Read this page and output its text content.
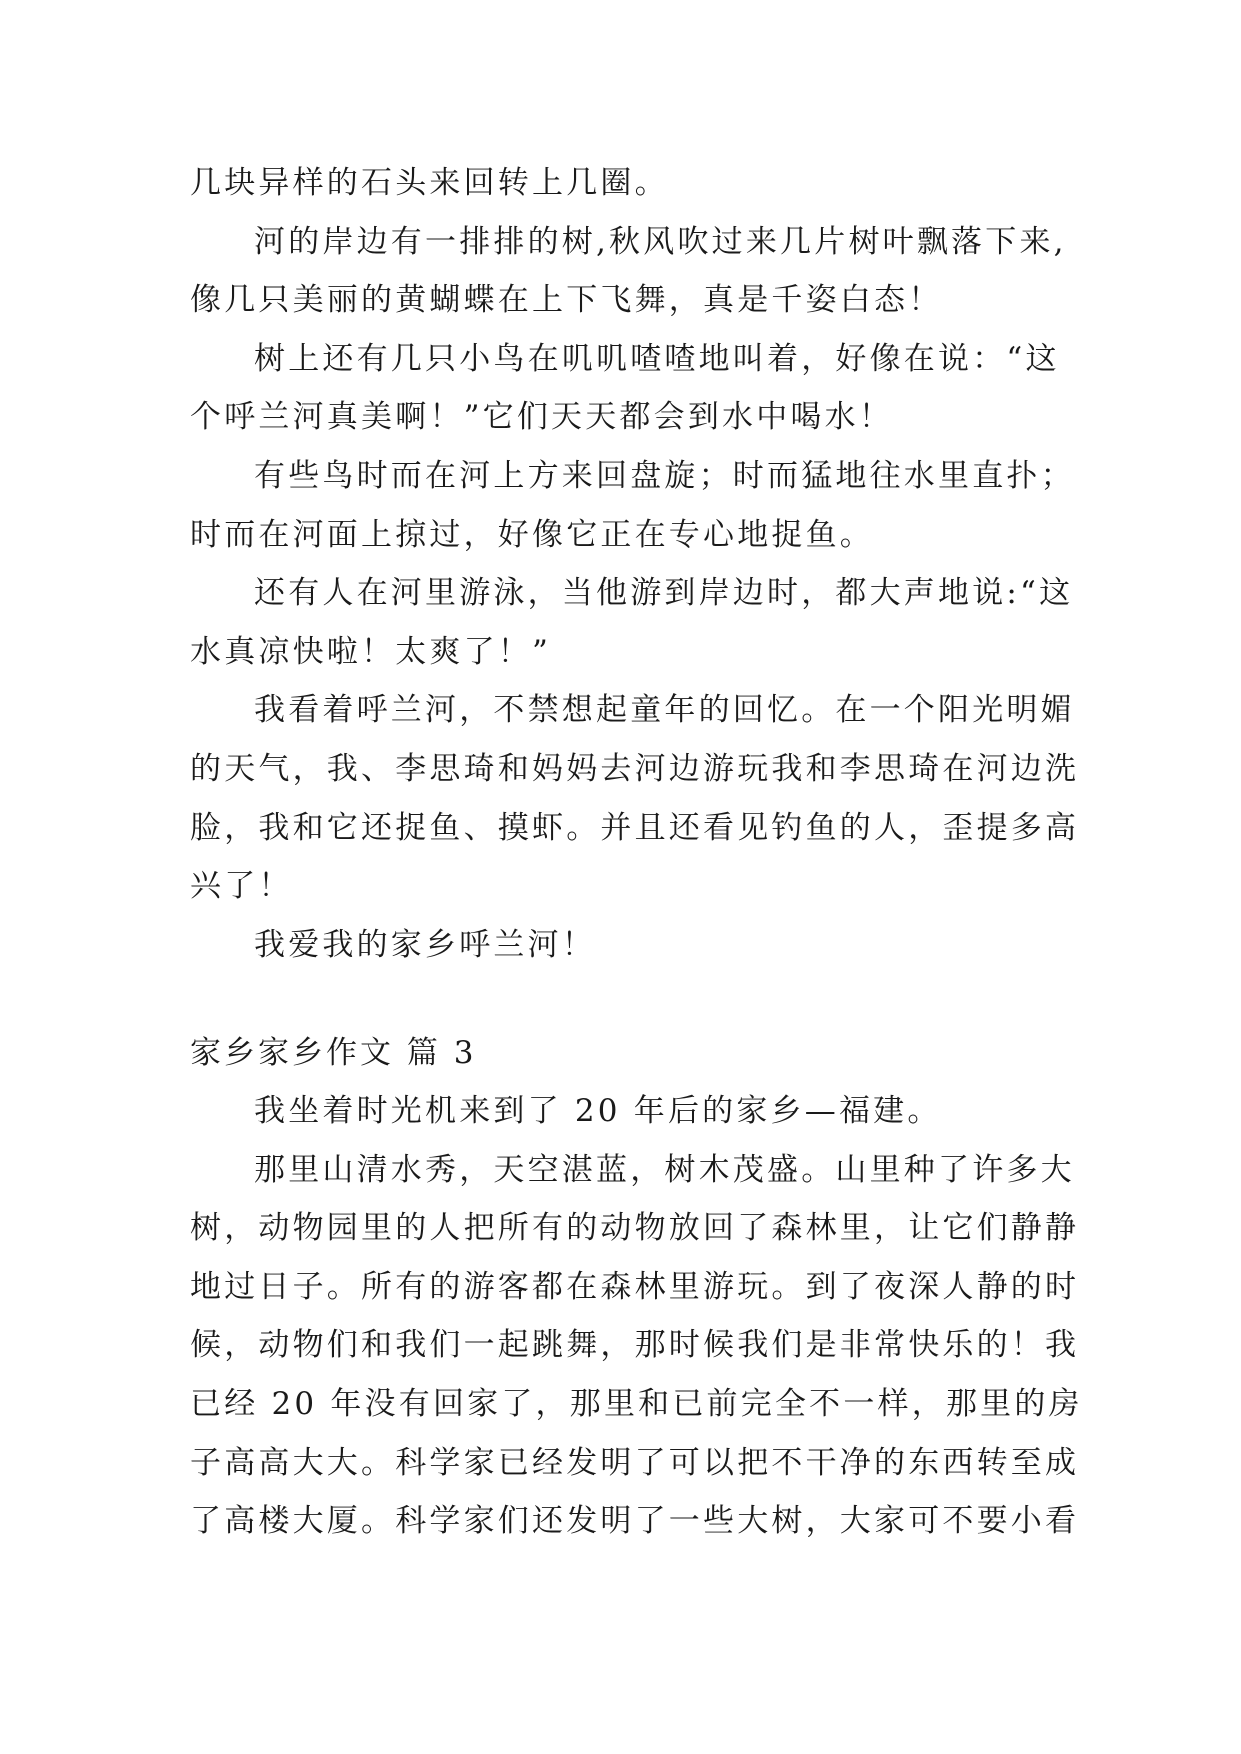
几块异样的石头来回转上几圈。
河的岸边有一排排的树,秋风吹过来几片树叶飘落下来,
像几只美丽的黄蝴蝶在上下飞舞，真是千姿白态！
树上还有几只小鸟在叽叽喳喳地叫着，好像在说：“这
个呼兰河真美啊！”它们天天都会到水中喝水！
有些鸟时而在河上方来回盘旋；时而猛地往水里直扑；
时而在河面上掠过，好像它正在专心地捉鱼。
还有人在河里游泳，当他游到岸边时，都大声地说:“这
水真凉快啦！太爽了！”
我看着呼兰河，不禁想起童年的回忆。在一个阳光明媚
的天气，我、李思琦和妈妈去河边游玩我和李思琦在河边洗
脸，我和它还捉鱼、摸虾。并且还看见钓鱼的人，歪提多高
兴了！
我爱我的家乡呼兰河！
家乡家乡作文 篇 3
我坐着时光机来到了 20 年后的家乡—福建。
那里山清水秀，天空湛蓝，树木茂盛。山里种了许多大
树，动物园里的人把所有的动物放回了森林里，让它们静静
地过日子。所有的游客都在森林里游玩。到了夜深人静的时
候，动物们和我们一起跳舞，那时候我们是非常快乐的！我
已经 20 年没有回家了，那里和已前完全不一样，那里的房
子高高大大。科学家已经发明了可以把不干净的东西转至成
了高楼大厦。科学家们还发明了一些大树，大家可不要小看
